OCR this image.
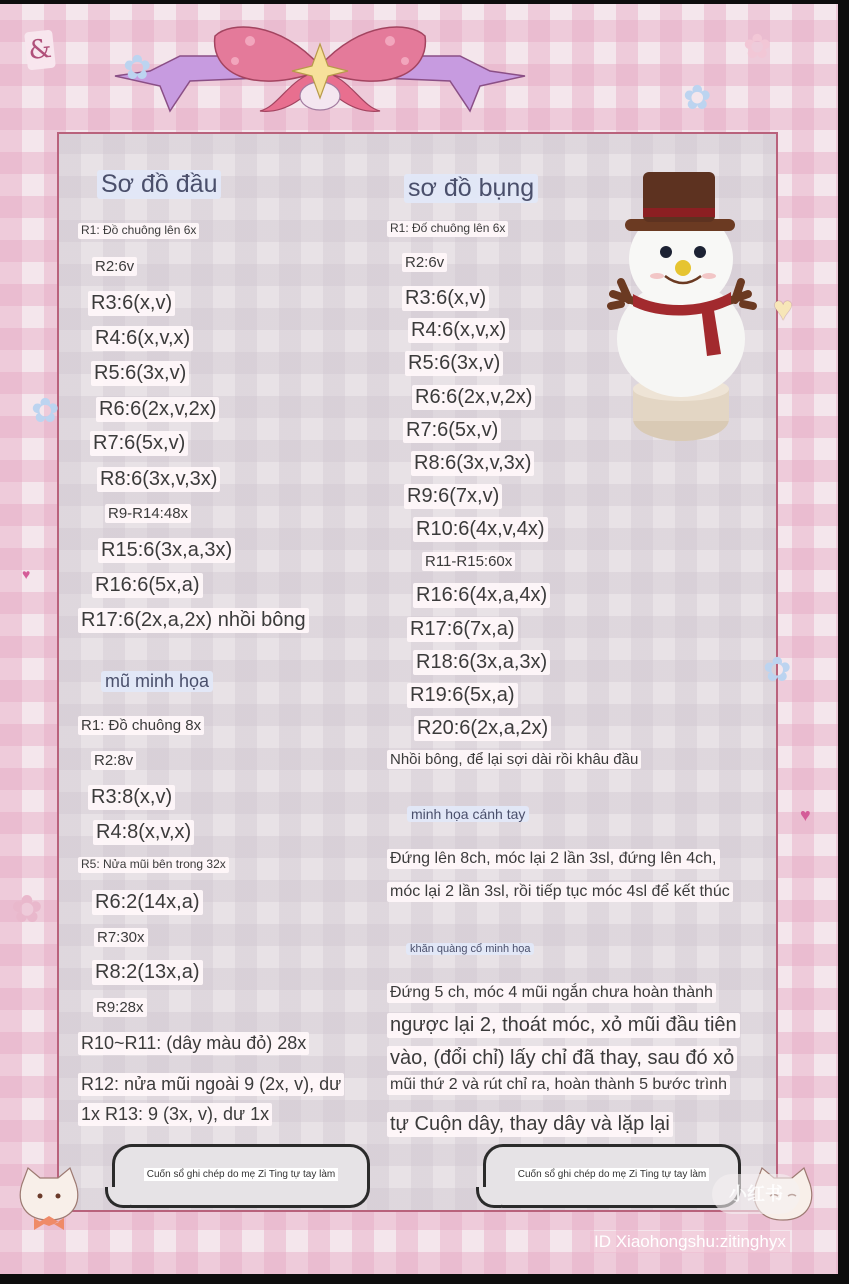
& ✿
✿
✿
✿
✿
✿
♥
♥
♥
Sơ đồ đầu
R1: Đồ chuông lên 6x
R2:6v
R3:6(x,v)
R4:6(x,v,x)
R5:6(3x,v)
R6:6(2x,v,2x)
R7:6(5x,v)
R8:6(3x,v,3x)
R9-R14:48x
R15:6(3x,a,3x)
R16:6(5x,a)
R17:6(2x,a,2x) nhồi bông
mũ minh họa
R1: Đồ chuông 8x
R2:8v
R3:8(x,v)
R4:8(x,v,x)
R5: Nửa mũi bên trong 32x
R6:2(14x,a)
R7:30x
R8:2(13x,a)
R9:28x
R10~R11: (dây màu đỏ) 28x
R12: nửa mũi ngoài 9 (2x, v), dư
1x R13: 9 (3x, v), dư 1x
sơ đồ bụng
R1: Đố chuông lên 6x
R2:6v
R3:6(x,v)
R4:6(x,v,x)
R5:6(3x,v)
R6:6(2x,v,2x)
R7:6(5x,v)
R8:6(3x,v,3x)
R9:6(7x,v)
R10:6(4x,v,4x)
R11-R15:60x
R16:6(4x,a,4x)
R17:6(7x,a)
R18:6(3x,a,3x)
R19:6(5x,a)
R20:6(2x,a,2x)
Nhồi bông, để lại sợi dài rồi khâu đầu
minh họa cánh tay
Đứng lên 8ch, móc lại 2 lần 3sl, đứng lên 4ch,
móc lại 2 lần 3sl, rồi tiếp tục móc 4sl để kết thúc
khăn quàng cổ minh họa
Đứng 5 ch, móc 4 mũi ngắn chưa hoàn thành
ngược lại 2, thoát móc, xỏ mũi đầu tiên
vào, (đổi chỉ) lấy chỉ đã thay, sau đó xỏ
mũi thứ 2 và rút chỉ ra, hoàn thành 5 bước trình
tự Cuộn dây, thay dây và lặp lại
Cuốn sổ ghi chép do mẹ Zi Ting tự tay làm	Cuốn sổ ghi chép do mẹ Zi Ting tự tay làm
小红书
ID Xiaohongshu:zitinghyx
